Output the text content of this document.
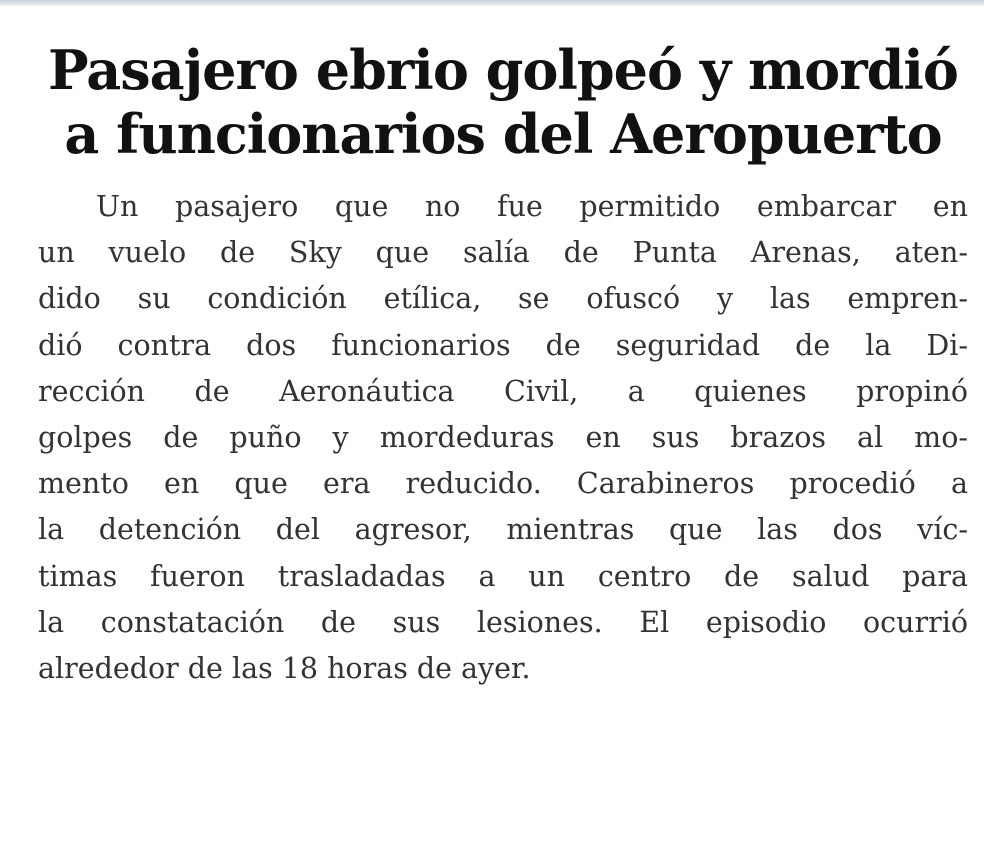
Pasajero ebrio golpeó y mordió
a funcionarios del Aeropuerto
Un pasajero que no fue permitido embarcar en
un vuelo de Sky que salía de Punta Arenas, aten-
dido su condición etílica, se ofuscó y las empren-
dió contra dos funcionarios de seguridad de la Di-
rección de Aeronáutica Civil, a quienes propinó
golpes de puño y mordeduras en sus brazos al mo-
mento en que era reducido. Carabineros procedió a
la detención del agresor, mientras que las dos víc-
timas fueron trasladadas a un centro de salud para
la constatación de sus lesiones. El episodio ocurrió
alrededor de las 18 horas de ayer.
